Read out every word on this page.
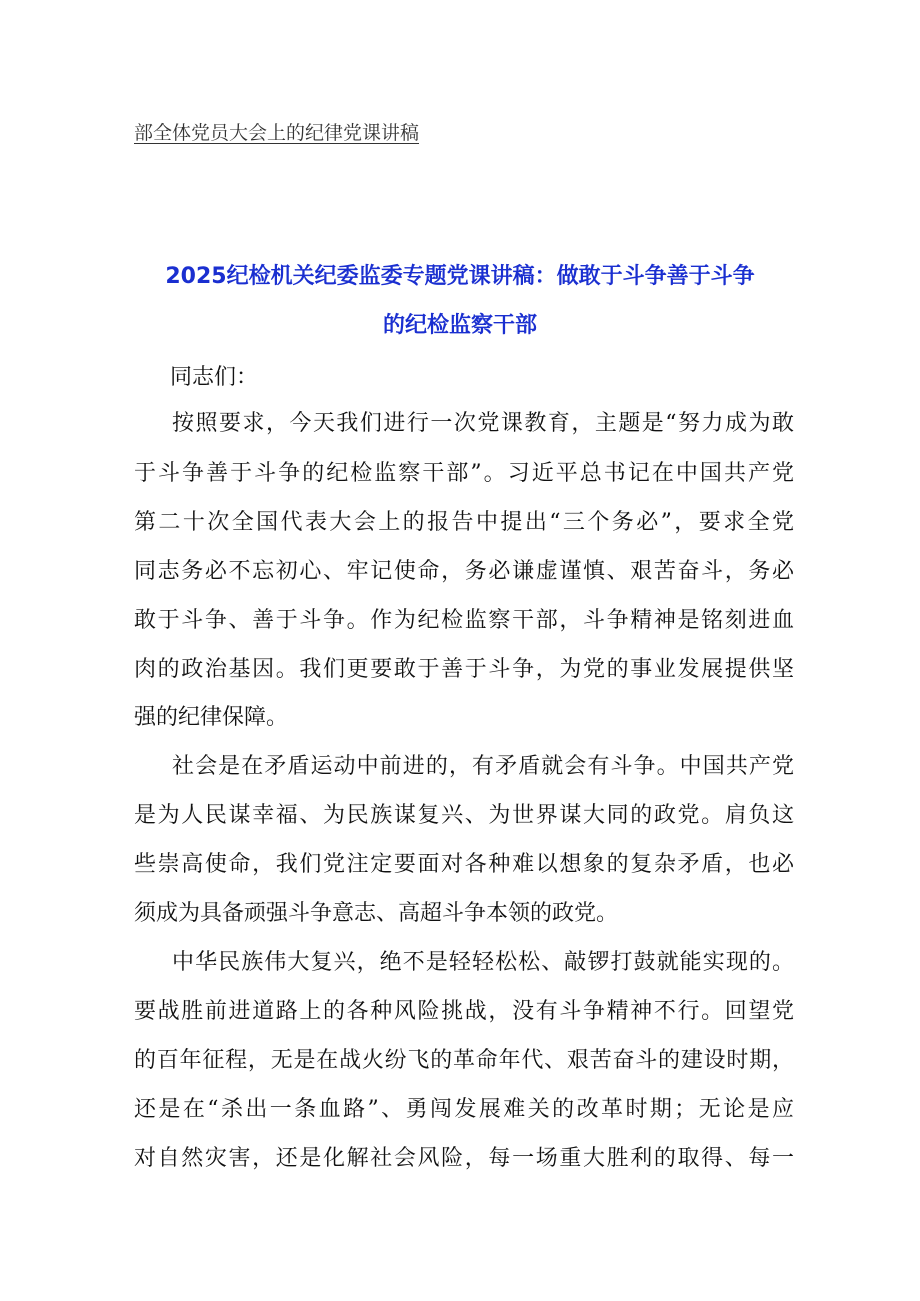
部全体党员大会上的纪律党课讲稿
2025纪检机关纪委监委专题党课讲稿：做敢于斗争善于斗争
的纪检监察干部
同志们：
按照要求，今天我们进行一次党课教育，主题是“努力成为敢
于斗争善于斗争的纪检监察干部”。习近平总书记在中国共产党
第二十次全国代表大会上的报告中提出“三个务必”，要求全党
同志务必不忘初心、牢记使命，务必谦虚谨慎、艰苦奋斗，务必
敢于斗争、善于斗争。作为纪检监察干部，斗争精神是铭刻进血
肉的政治基因。我们更要敢于善于斗争，为党的事业发展提供坚
强的纪律保障。
社会是在矛盾运动中前进的，有矛盾就会有斗争。中国共产党
是为人民谋幸福、为民族谋复兴、为世界谋大同的政党。肩负这
些崇高使命，我们党注定要面对各种难以想象的复杂矛盾，也必
须成为具备顽强斗争意志、高超斗争本领的政党。
中华民族伟大复兴，绝不是轻轻松松、敲锣打鼓就能实现的。
要战胜前进道路上的各种风险挑战，没有斗争精神不行。回望党
的百年征程，无是在战火纷飞的革命年代、艰苦奋斗的建设时期，
还是在“杀出一条血路”、勇闯发展难关的改革时期；无论是应
对自然灾害，还是化解社会风险，每一场重大胜利的取得、每一
